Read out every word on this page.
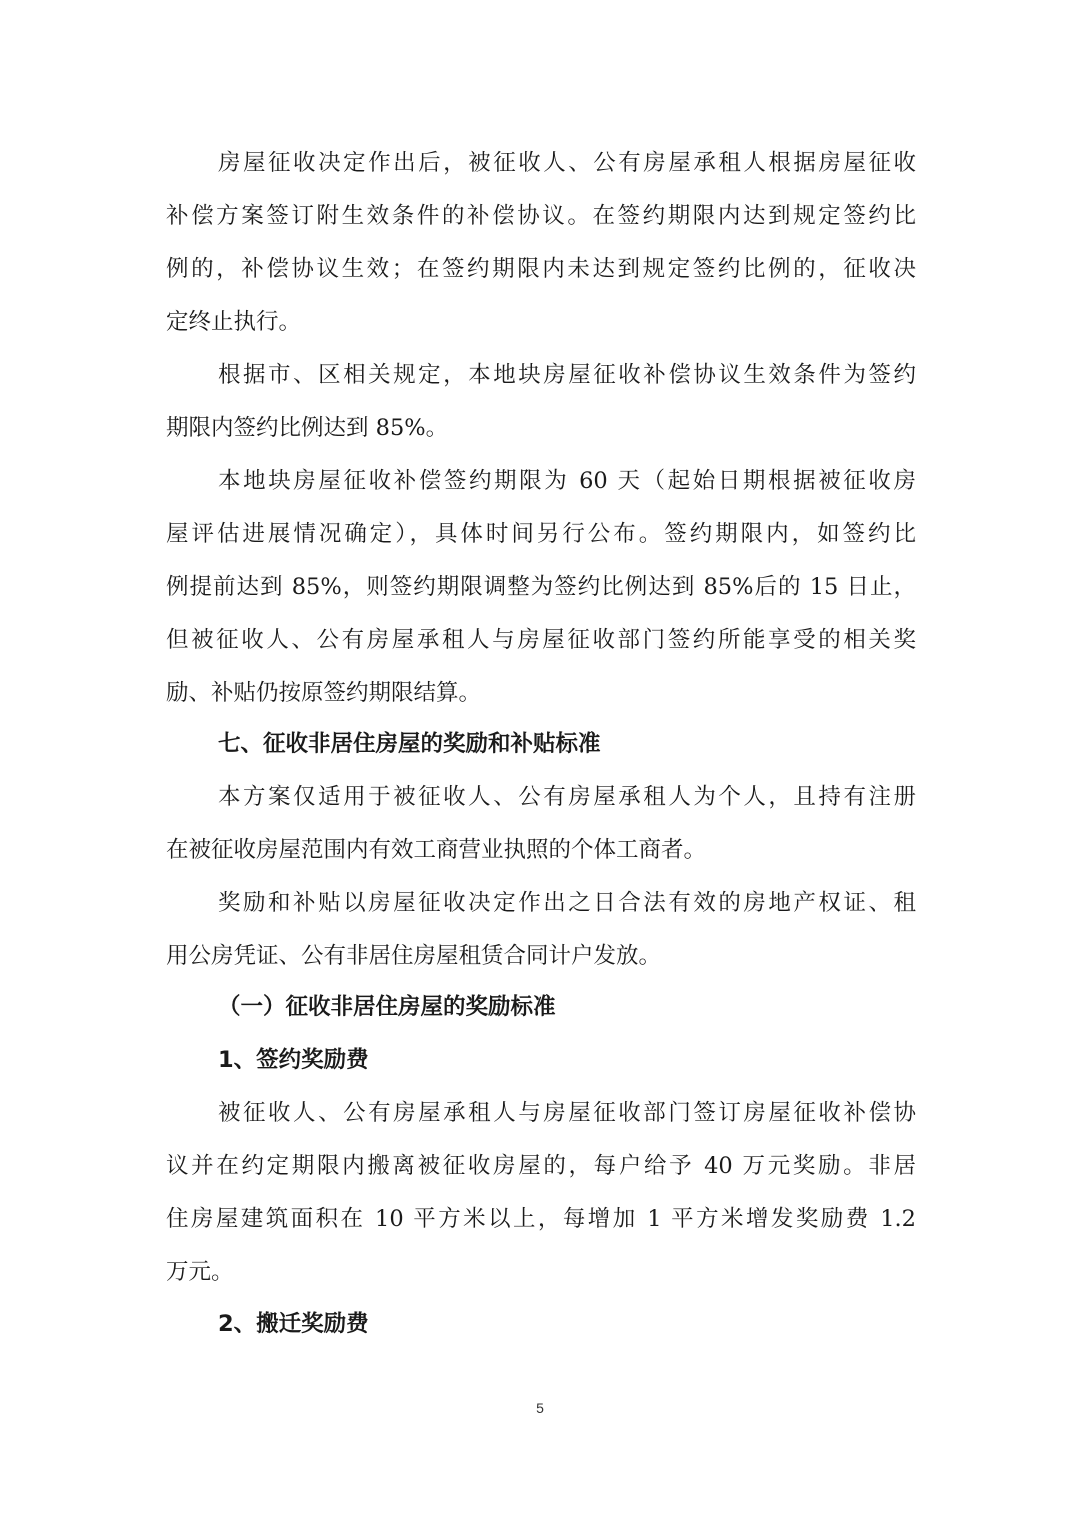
房屋征收决定作出后，被征收人、公有房屋承租人根据房屋征收
补偿方案签订附生效条件的补偿协议。在签约期限内达到规定签约比
例的，补偿协议生效；在签约期限内未达到规定签约比例的，征收决
定终止执行。
根据市、区相关规定，本地块房屋征收补偿协议生效条件为签约
期限内签约比例达到 85%。
本地块房屋征收补偿签约期限为 60 天（起始日期根据被征收房
屋评估进展情况确定），具体时间另行公布。签约期限内，如签约比
例提前达到 85%，则签约期限调整为签约比例达到 85%后的 15 日止，
但被征收人、公有房屋承租人与房屋征收部门签约所能享受的相关奖
励、补贴仍按原签约期限结算。
七、征收非居住房屋的奖励和补贴标准
本方案仅适用于被征收人、公有房屋承租人为个人，且持有注册
在被征收房屋范围内有效工商营业执照的个体工商者。
奖励和补贴以房屋征收决定作出之日合法有效的房地产权证、租
用公房凭证、公有非居住房屋租赁合同计户发放。
（一）征收非居住房屋的奖励标准
1、签约奖励费
被征收人、公有房屋承租人与房屋征收部门签订房屋征收补偿协
议并在约定期限内搬离被征收房屋的，每户给予 40 万元奖励。非居
住房屋建筑面积在 10 平方米以上，每增加 1 平方米增发奖励费 1.2
万元。
2、搬迁奖励费
5
